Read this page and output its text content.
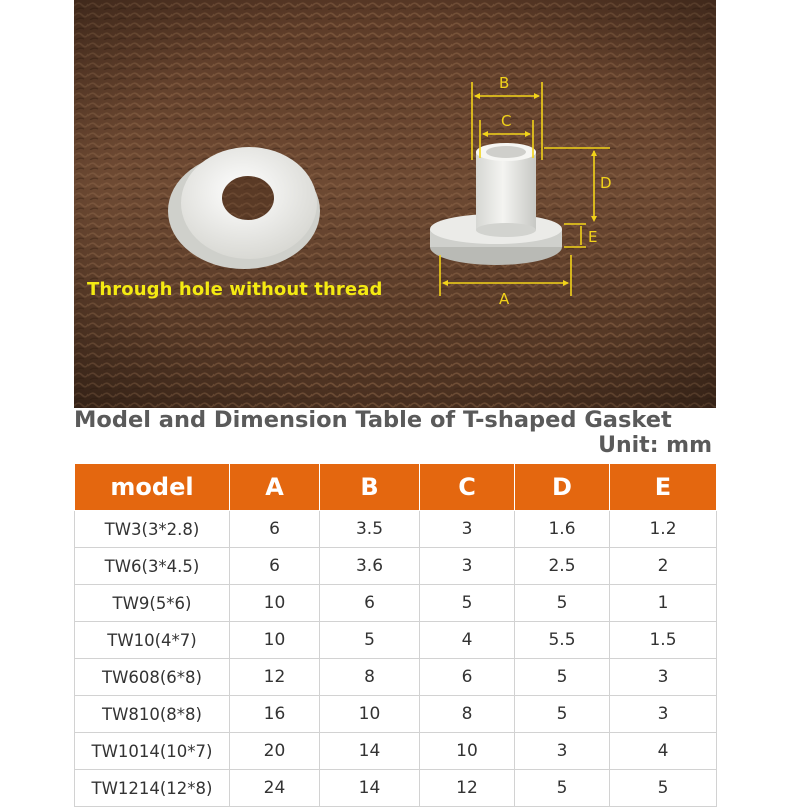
B
C
D
E
A
Through hole without thread
Model and Dimension Table of T-shaped Gasket
Unit: mm
model	A	B	C	D	E
TW3(3*2.8)	6	3.5	3	1.6	1.2
TW6(3*4.5)	6	3.6	3	2.5	2
TW9(5*6)	10	6	5	5	1
TW10(4*7)	10	5	4	5.5	1.5
TW608(6*8)	12	8	6	5	3
TW810(8*8)	16	10	8	5	3
TW1014(10*7)	20	14	10	3	4
TW1214(12*8)	24	14	12	5	5
